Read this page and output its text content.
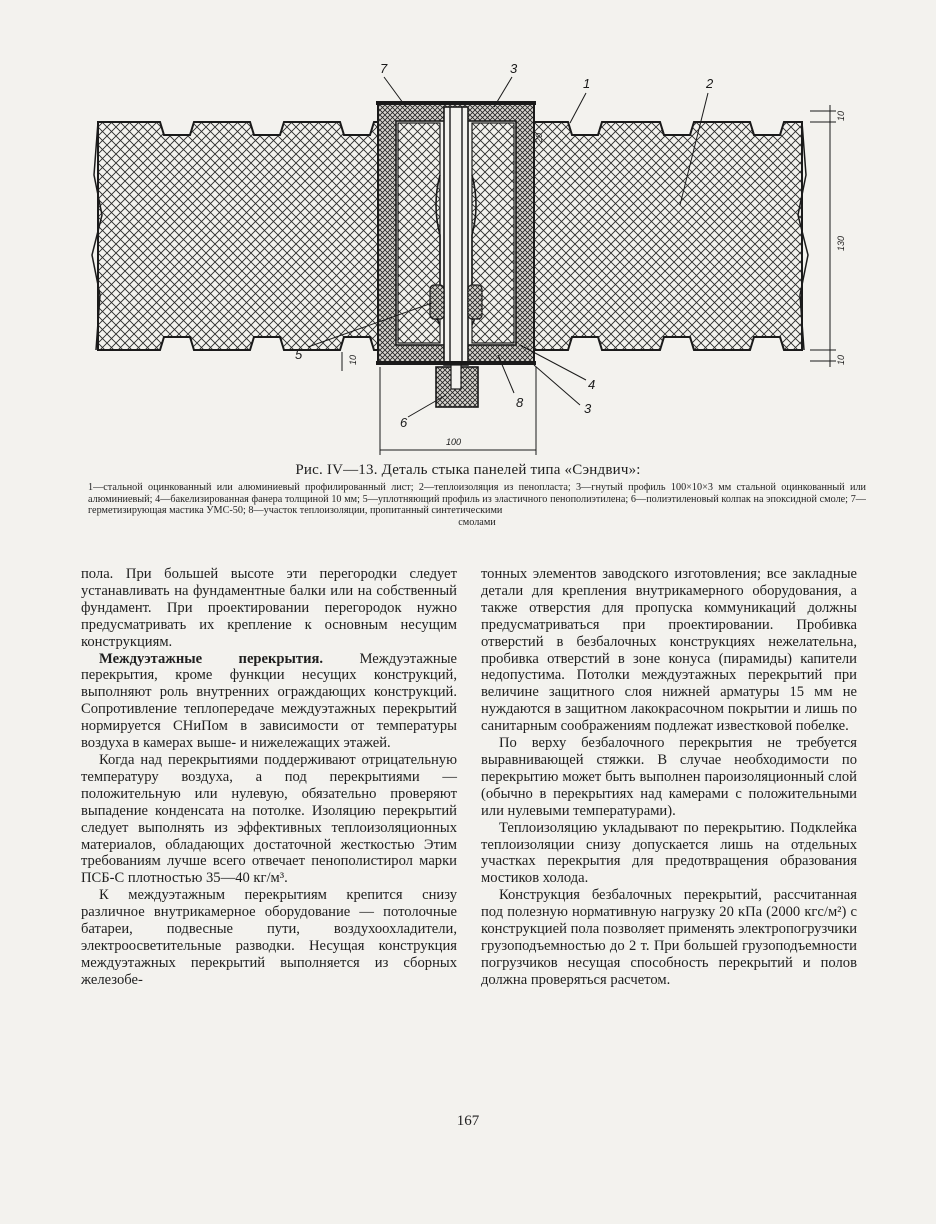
7	3
1	2
5
6
8
4
3
10
130
10
10
20
100
Рис. IV—13. Деталь стыка панелей типа «Сэндвич»:
1—стальной оцинкованный или алюминиевый профилированный лист; 2—теплоизоляция из пенопласта; 3—гнутый профиль 100×10×3 мм стальной оцинкованный или алюминиевый; 4—бакелизированная фанера толщиной 10 мм; 5—уплотняющий профиль из эластичного пенополиэтилена; 6—полиэтиленовый колпак на эпоксидной смоле; 7—герметизирующая мастика УМС-50; 8—участок теплоизоляции, пропитанный синтетическими
смолами

пола. При большей высоте эти перегородки следует устанавливать на фундаментные балки или на собственный фундамент. При проектировании перегородок нужно предусматривать их крепление к основным несущим конструкциям.

Междуэтажные перекрытия. Междуэтажные перекрытия, кроме функции несущих конструкций, выполняют роль внутренних ограждающих конструкций. Сопротивление теплопередаче междуэтажных перекрытий нормируется СНиПом в зависимости от температуры воздуха в камерах выше- и нижележащих этажей.

Когда над перекрытиями поддерживают отрицательную температуру воздуха, а под перекрытиями — положительную или нулевую, обязательно проверяют выпадение конденсата на потолке. Изоляцию перекрытий следует выполнять из эффективных теплоизоляционных материалов, обладающих достаточной жесткостью Этим требованиям лучше всего отвечает пенополистирол марки ПСБ-С плотностью 35—40 кг/м³.

К междуэтажным перекрытиям крепится снизу различное внутрикамерное оборудование — потолочные батареи, подвесные пути, воздухоохладители, электроосветительные разводки. Несущая конструкция междуэтажных перекрытий выполняется из сборных железобе-

тонных элементов заводского изготовления; все закладные детали для крепления внутрикамерного оборудования, а также отверстия для пропуска коммуникаций должны предусматриваться при проектировании. Пробивка отверстий в безбалочных конструкциях нежелательна, пробивка отверстий в зоне конуса (пирамиды) капители недопустима. Потолки междуэтажных перекрытий при величине защитного слоя нижней арматуры 15 мм не нуждаются в защитном лакокрасочном покрытии и лишь по санитарным соображениям подлежат известковой побелке.

По верху безбалочного перекрытия не требуется выравнивающей стяжки. В случае необходимости по перекрытию может быть выполнен пароизоляционный слой (обычно в перекрытиях над камерами с положительными или нулевыми температурами).

Теплоизоляцию укладывают по перекрытию. Подклейка теплоизоляции снизу допускается лишь на отдельных участках перекрытия для предотвращения образования мостиков холода.

Конструкция безбалочных перекрытий, рассчитанная под полезную нормативную нагрузку 20 кПа (2000 кгс/м²) с конструкцией пола позволяет применять электропогрузчики грузоподъемностью до 2 т. При большей грузоподъемности погрузчиков несущая способность перекрытий и полов должна проверяться расчетом.

167
